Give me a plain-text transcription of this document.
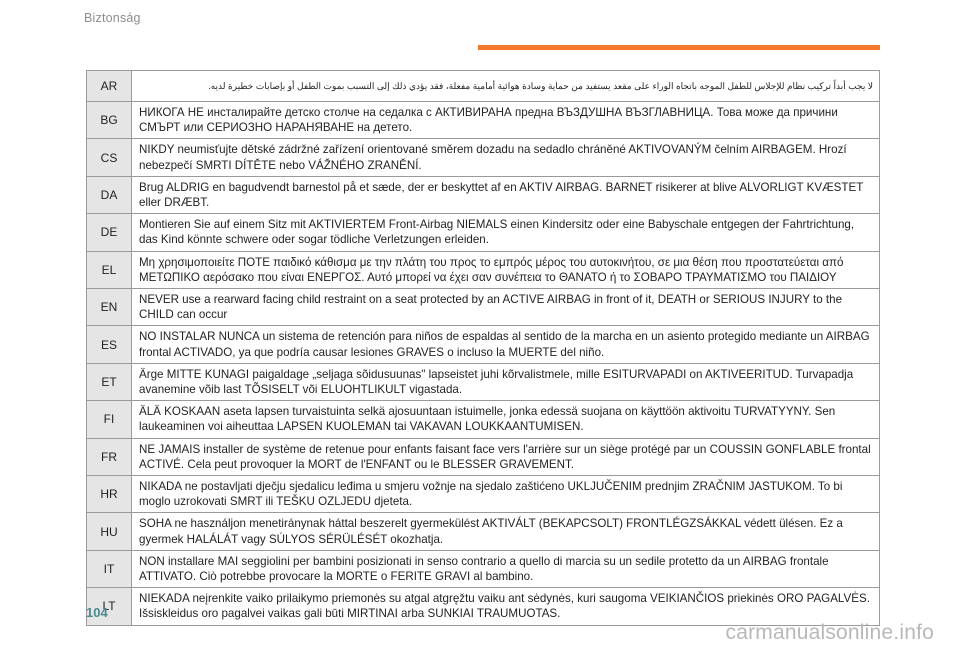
Biztonság
AR	لا يجب أبداً تركيب نظام للإجلاس للطفل الموجه باتجاه الوراء على مقعد يستفيد من حماية وسادة هوائية أمامية مفعلة، فقد يؤدي ذلك إلى التسبب بموت الطفل أو بإصابات خطيرة لديه.
BG	НИКОГА НЕ инсталирайте детско столче на седалка с АКТИВИРАНА предна ВЪЗДУШНА ВЪЗГЛАВНИЦА. Това може да причини СМЪРТ или СЕРИОЗНО НАРАНЯВАНЕ на детето.
CS	NIKDY neumisťujte dětské zádržné zařízení orientované směrem dozadu na sedadlo chráněné AKTIVOVANÝM čelním AIRBAGEM. Hrozí nebezpečí SMRTI DÍTĚTE nebo VÁŽNÉHO ZRANĚNÍ.
DA	Brug ALDRIG en bagudvendt barnestol på et sæde, der er beskyttet af en AKTIV AIRBAG. BARNET risikerer at blive ALVORLIGT KVÆSTET eller DRÆBT.
DE	Montieren Sie auf einem Sitz mit AKTIVIERTEM Front-Airbag NIEMALS einen Kindersitz oder eine Babyschale entgegen der Fahrtrichtung, das Kind könnte schwere oder sogar tödliche Verletzungen erleiden.
EL	Μη χρησιμοποιείτε ΠΟΤΕ παιδικό κάθισμα με την πλάτη του προς το εμπρός μέρος του αυτοκινήτου, σε μια θέση που προστατεύεται από ΜΕΤΩΠΙΚΟ αερόσακο που είναι ΕΝΕΡΓΟΣ. Αυτό μπορεί να έχει σαν συνέπεια το ΘΑΝΑΤΟ ή το ΣΟΒΑΡΟ ΤΡΑΥΜΑΤΙΣΜΟ του ΠΑΙΔΙΟΥ
EN	NEVER use a rearward facing child restraint on a seat protected by an ACTIVE AIRBAG in front of it, DEATH or SERIOUS INJURY to the CHILD can occur
ES	NO INSTALAR NUNCA un sistema de retención para niños de espaldas al sentido de la marcha en un asiento protegido mediante un AIRBAG frontal ACTIVADO, ya que podría causar lesiones GRAVES o incluso la MUERTE del niño.
ET	Ärge MITTE KUNAGI paigaldage „seljaga sõidusuunas" lapseistet juhi kõrvalistmele, mille ESITURVAPADI on AKTIVEERITUD. Turvapadja avanemine võib last TÕSISELT või ELUOHTLIKULT vigastada.
FI	ÄLÄ KOSKAAN aseta lapsen turvaistuinta selkä ajosuuntaan istuimelle, jonka edessä suojana on käyttöön aktivoitu TURVATYYNY. Sen laukeaminen voi aiheuttaa LAPSEN KUOLEMAN tai VAKAVAN LOUKKAANTUMISEN.
FR	NE JAMAIS installer de système de retenue pour enfants faisant face vers l'arrière sur un siège protégé par un COUSSIN GONFLABLE frontal ACTIVÉ. Cela peut provoquer la MORT de l'ENFANT ou le BLESSER GRAVEMENT.
HR	NIKADA ne postavljati dječju sjedalicu leđima u smjeru vožnje na sjedalo zaštićeno UKLJUČENIM prednjim ZRAČNIM JASTUKOM. To bi moglo uzrokovati SMRT ili TEŠKU OZLJEDU djeteta.
HU	SOHA ne használjon menetiránynak háttal beszerelt gyermekülést AKTIVÁLT (BEKAPCSOLT) FRONTLÉGZSÁKKAL védett ülésen. Ez a gyermek HALÁLÁT vagy SÚLYOS SÉRÜLÉSÉT okozhatja.
IT	NON installare MAI seggiolini per bambini posizionati in senso contrario a quello di marcia su un sedile protetto da un AIRBAG frontale ATTIVATO. Ciò potrebbe provocare la MORTE o FERITE GRAVI al bambino.
LT	NIEKADA neįrenkite vaiko prilaikymo priemonės su atgal atgręžtu vaiku ant sėdynės, kuri saugoma VEIKIANČIOS priekinės ORO PAGALVĖS. Išsiskleidus oro pagalvei vaikas gali būti MIRTINAI arba SUNKIAI TRAUMUOTAS.
104
carmanualsonline.info
